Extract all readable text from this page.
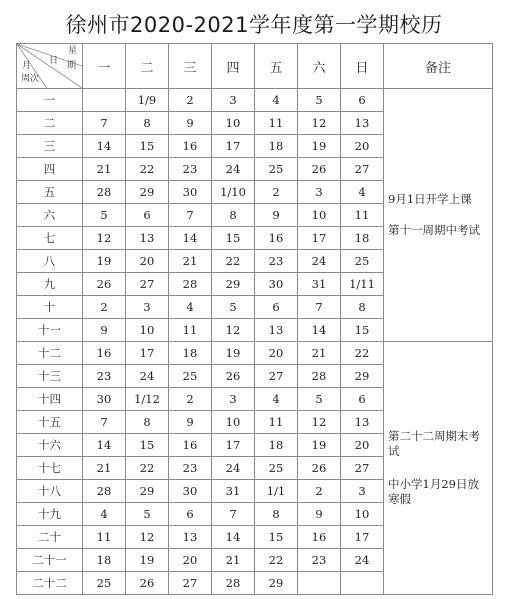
徐州市2020-2021学年度第一学期校历
星
日 期
月
周次	一	二	三	四	五	六	日	备注
一		1/9	2	3	4	5	6	9月1日开学上课
第十一周期中考试

二	7	8	9	10	11	12	13	
三	14	15	16	17	18	19	20	
四	21	22	23	24	25	26	27	
五	28	29	30	1/10	2	3	4	
六	5	6	7	8	9	10	11	
七	12	13	14	15	16	17	18	
八	19	20	21	22	23	24	25	
九	26	27	28	29	30	31	1/11	
十	2	3	4	5	6	7	8	
十一	9	10	11	12	13	14	15	
十二	16	17	18	19	20	21	22	第二十二周期末考试
中小学1月29日放寒假

十三	23	24	25	26	27	28	29	
十四	30	1/12	2	3	4	5	6	
十五	7	8	9	10	11	12	13	
十六	14	15	16	17	18	19	20	
十七	21	22	23	24	25	26	27	
十八	28	29	30	31	1/1	2	3	
十九	4	5	6	7	8	9	10	
二十	11	12	13	14	15	16	17	
二十一	18	19	20	21	22	23	24	
二十二	25	26	27	28	29			
